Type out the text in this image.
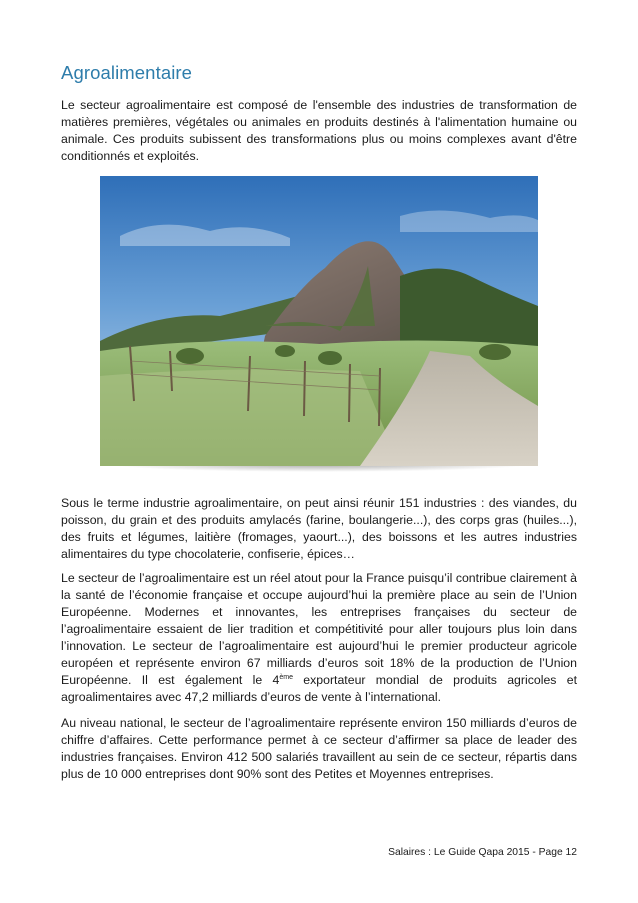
Agroalimentaire

Le secteur agroalimentaire est composé de l'ensemble des industries de transformation de matières premières, végétales ou animales en produits destinés à l'alimentation humaine ou animale. Ces produits subissent des transformations plus ou moins complexes avant d'être conditionnés et exploités.

Sous le terme industrie agroalimentaire, on peut ainsi réunir 151 industries : des viandes, du poisson, du grain et des produits amylacés (farine, boulangerie...), des corps gras (huiles...), des fruits et légumes, laitière (fromages, yaourt...), des boissons et les autres industries alimentaires du type chocolaterie, confiserie, épices…

Le secteur de l’agroalimentaire est un réel atout pour la France puisqu’il contribue clairement à la santé de l’économie française et occupe aujourd’hui la première place au sein de l’Union Européenne. Modernes et innovantes, les entreprises françaises du secteur de l’agroalimentaire essaient de lier tradition et compétitivité pour aller toujours plus loin dans l’innovation. Le secteur de l’agroalimentaire est aujourd’hui le premier producteur agricole européen et représente environ 67 milliards d’euros soit 18% de la production de l’Union Européenne. Il est également le 4ème exportateur mondial de produits agricoles et agroalimentaires avec 47,2 milliards d’euros de vente à l’international.

Au niveau national, le secteur de l’agroalimentaire représente environ 150 milliards d’euros de chiffre d’affaires. Cette performance permet à ce secteur d’affirmer sa place de leader des industries françaises. Environ 412 500 salariés travaillent au sein de ce secteur, répartis dans plus de 10 000 entreprises dont 90% sont des Petites et Moyennes entreprises.

Salaires : Le Guide Qapa 2015 - Page 12
